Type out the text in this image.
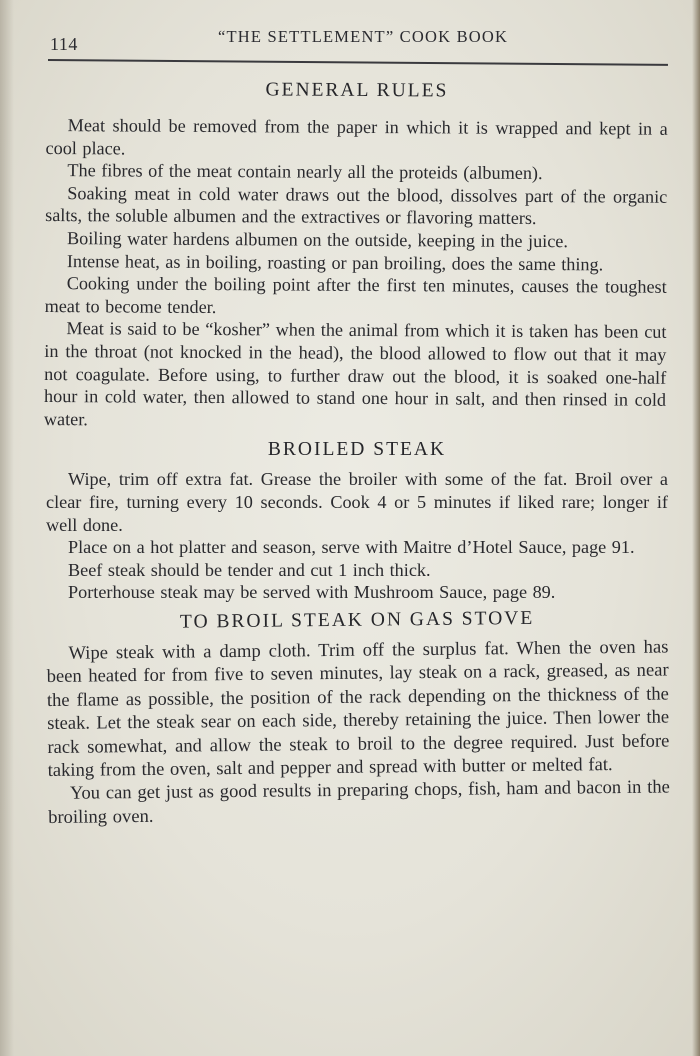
114	“THE SETTLEMENT” COOK BOOK
GENERAL RULES

Meat should be removed from the paper in which it is wrapped and kept in a cool place.

The fibres of the meat contain nearly all the proteids (albumen).

Soaking meat in cold water draws out the blood, dissolves part of the organic salts, the soluble albumen and the extractives or flavoring matters.

Boiling water hardens albumen on the outside, keeping in the juice.

Intense heat, as in boiling, roasting or pan broiling, does the same thing.

Cooking under the boiling point after the first ten minutes, causes the toughest meat to become tender.

Meat is said to be “kosher” when the animal from which it is taken has been cut in the throat (not knocked in the head), the blood allowed to flow out that it may not coagulate. Before using, to further draw out the blood, it is soaked one-half hour in cold water, then allowed to stand one hour in salt, and then rinsed in cold water.

BROILED STEAK

Wipe, trim off extra fat. Grease the broiler with some of the fat. Broil over a clear fire, turning every 10 seconds. Cook 4 or 5 minutes if liked rare; longer if well done.

Place on a hot platter and season, serve with Maitre d’Hotel Sauce, page 91.

Beef steak should be tender and cut 1 inch thick.

Porterhouse steak may be served with Mushroom Sauce, page 89.

TO BROIL STEAK ON GAS STOVE

Wipe steak with a damp cloth. Trim off the surplus fat. When the oven has been heated for from five to seven minutes, lay steak on a rack, greased, as near the flame as possible, the position of the rack depending on the thickness of the steak. Let the steak sear on each side, thereby retaining the juice. Then lower the rack somewhat, and allow the steak to broil to the degree required. Just before taking from the oven, salt and pepper and spread with butter or melted fat.

You can get just as good results in preparing chops, fish, ham and bacon in the broiling oven.
